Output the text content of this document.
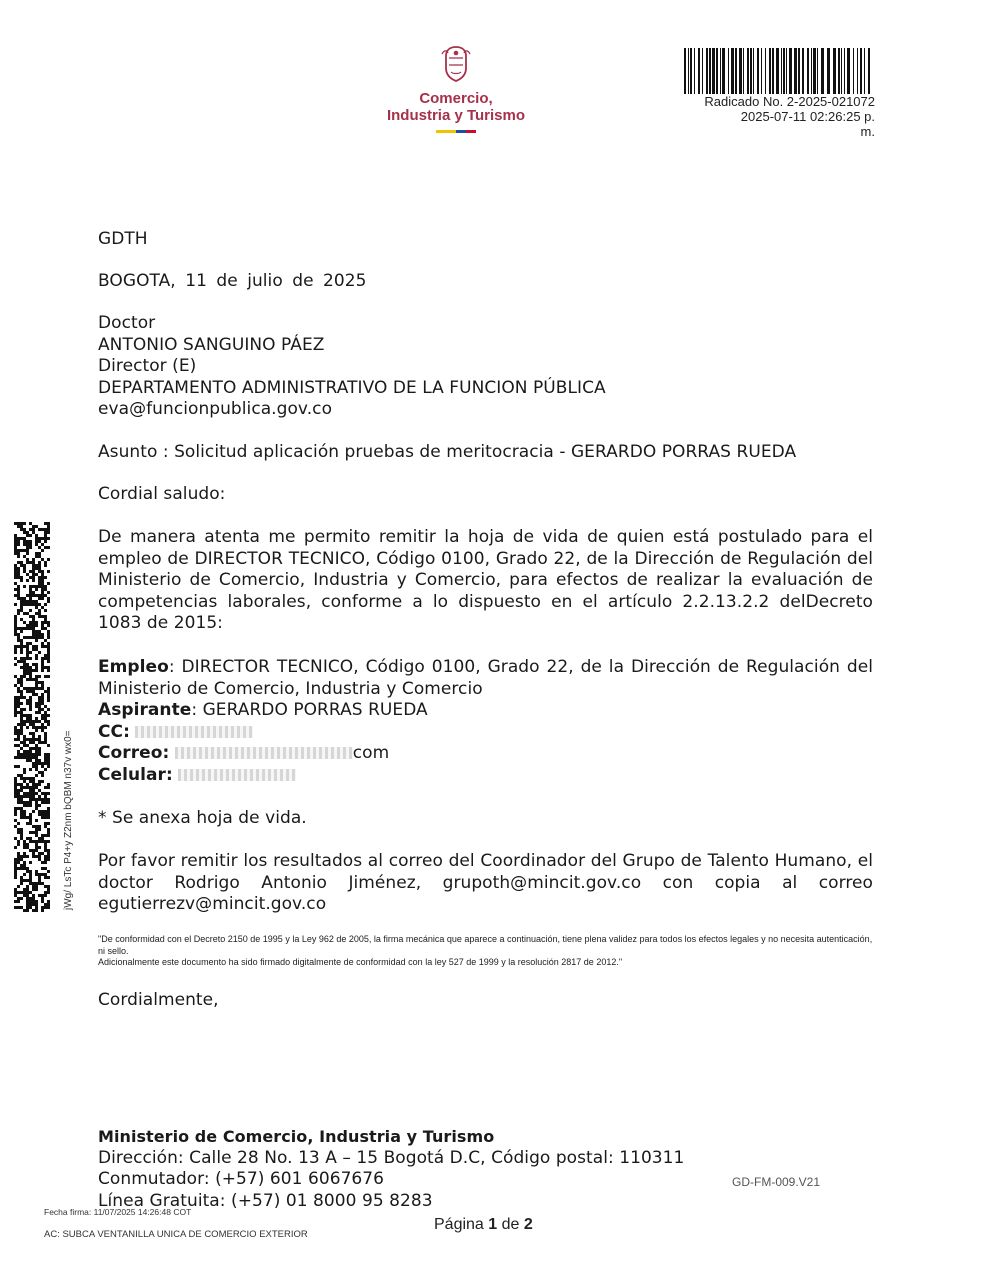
Comercio,
Industria y Turismo
Radicado No. 2-2025-021072
2025-07-11 02:26:25 p.
m.
jWg/ LsTc P4+y Z2nm bQBM n37v wx0=
GDTH
BOGOTA, 11 de julio de 2025
Doctor
ANTONIO SANGUINO PÁEZ
Director (E)
DEPARTAMENTO ADMINISTRATIVO DE LA FUNCION PÚBLICA
eva@funcionpublica.gov.co
Asunto : Solicitud aplicación pruebas de meritocracia - GERARDO PORRAS RUEDA
Cordial saludo:
De manera atenta me permito remitir la hoja de vida de quien está postulado para el empleo de DIRECTOR TECNICO, Código 0100, Grado 22, de la Dirección de Regulación del Ministerio de Comercio, Industria y Comercio, para efectos de realizar la evaluación de competencias laborales, conforme a lo dispuesto en el artículo 2.2.13.2.2 delDecreto 1083 de 2015:
Empleo: DIRECTOR TECNICO, Código 0100, Grado 22, de la Dirección de Regulación del Ministerio de Comercio, Industria y Comercio
Aspirante: GERARDO PORRAS RUEDA
CC:
Correo:	com
Celular:
* Se anexa hoja de vida.
Por favor remitir los resultados al correo del Coordinador del Grupo de Talento Humano, el doctor Rodrigo Antonio Jiménez, grupoth@mincit.gov.co con copia al correo egutierrezv@mincit.gov.co
"De conformidad con el Decreto 2150 de 1995 y la Ley 962 de 2005, la firma mecánica que aparece a continuación, tiene plena validez para todos los efectos legales y no necesita autenticación, ni sello.
Adicionalmente este documento ha sido firmado digitalmente de conformidad con la ley 527 de 1999 y la resolución 2817 de 2012."
Cordialmente,
Ministerio de Comercio, Industria y Turismo
Dirección: Calle 28 No. 13 A – 15 Bogotá D.C, Código postal: 110311
Conmutador: (+57) 601 6067676
Línea Gratuita: (+57) 01 8000 95 8283
GD-FM-009.V21
Fecha firma: 11/07/2025 14:26:48 COT
Página 1 de 2
AC: SUBCA VENTANILLA UNICA DE COMERCIO EXTERIOR
